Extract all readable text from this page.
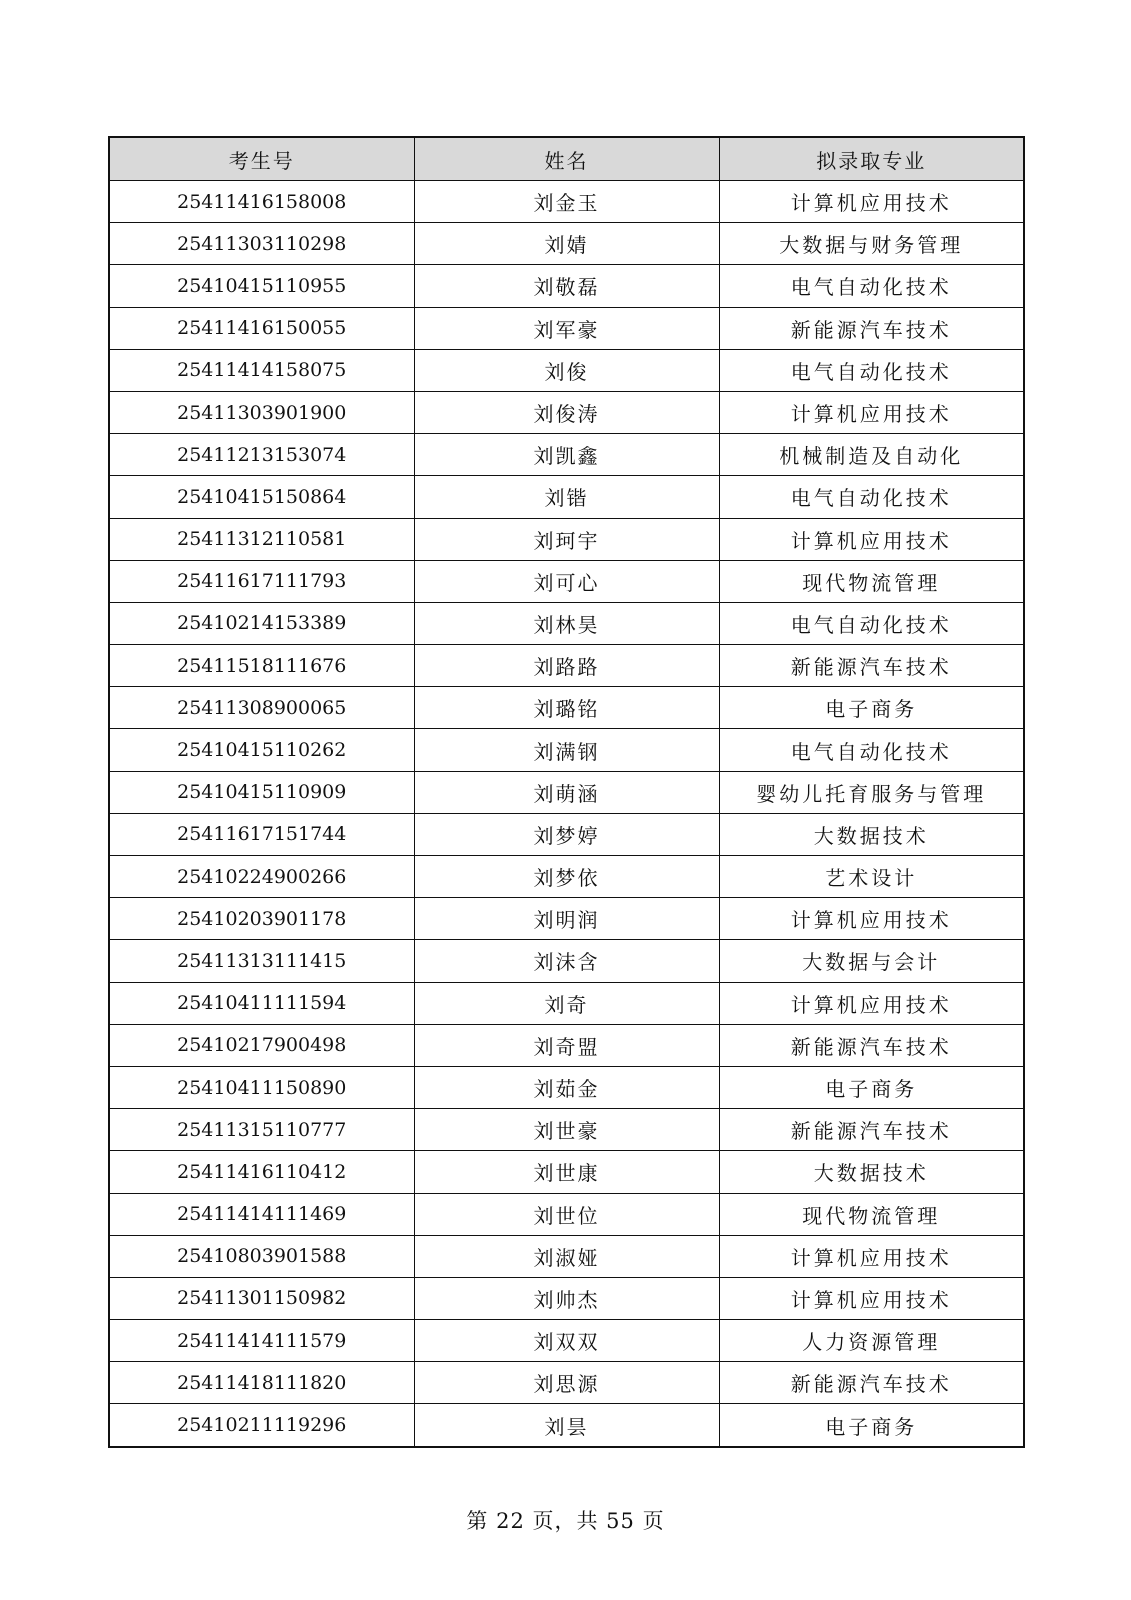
考生号	姓名	拟录取专业
25411416158008	刘金玉	计算机应用技术
25411303110298	刘婧	大数据与财务管理
25410415110955	刘敬磊	电气自动化技术
25411416150055	刘军豪	新能源汽车技术
25411414158075	刘俊	电气自动化技术
25411303901900	刘俊涛	计算机应用技术
25411213153074	刘凯鑫	机械制造及自动化
25410415150864	刘锴	电气自动化技术
25411312110581	刘珂宇	计算机应用技术
25411617111793	刘可心	现代物流管理
25410214153389	刘林昊	电气自动化技术
25411518111676	刘路路	新能源汽车技术
25411308900065	刘璐铭	电子商务
25410415110262	刘满钢	电气自动化技术
25410415110909	刘萌涵	婴幼儿托育服务与管理
25411617151744	刘梦婷	大数据技术
25410224900266	刘梦依	艺术设计
25410203901178	刘明润	计算机应用技术
25411313111415	刘沫含	大数据与会计
25410411111594	刘奇	计算机应用技术
25410217900498	刘奇盟	新能源汽车技术
25410411150890	刘茹金	电子商务
25411315110777	刘世豪	新能源汽车技术
25411416110412	刘世康	大数据技术
25411414111469	刘世位	现代物流管理
25410803901588	刘淑娅	计算机应用技术
25411301150982	刘帅杰	计算机应用技术
25411414111579	刘双双	人力资源管理
25411418111820	刘思源	新能源汽车技术
25410211119296	刘昙	电子商务
第 22 页，共 55 页
